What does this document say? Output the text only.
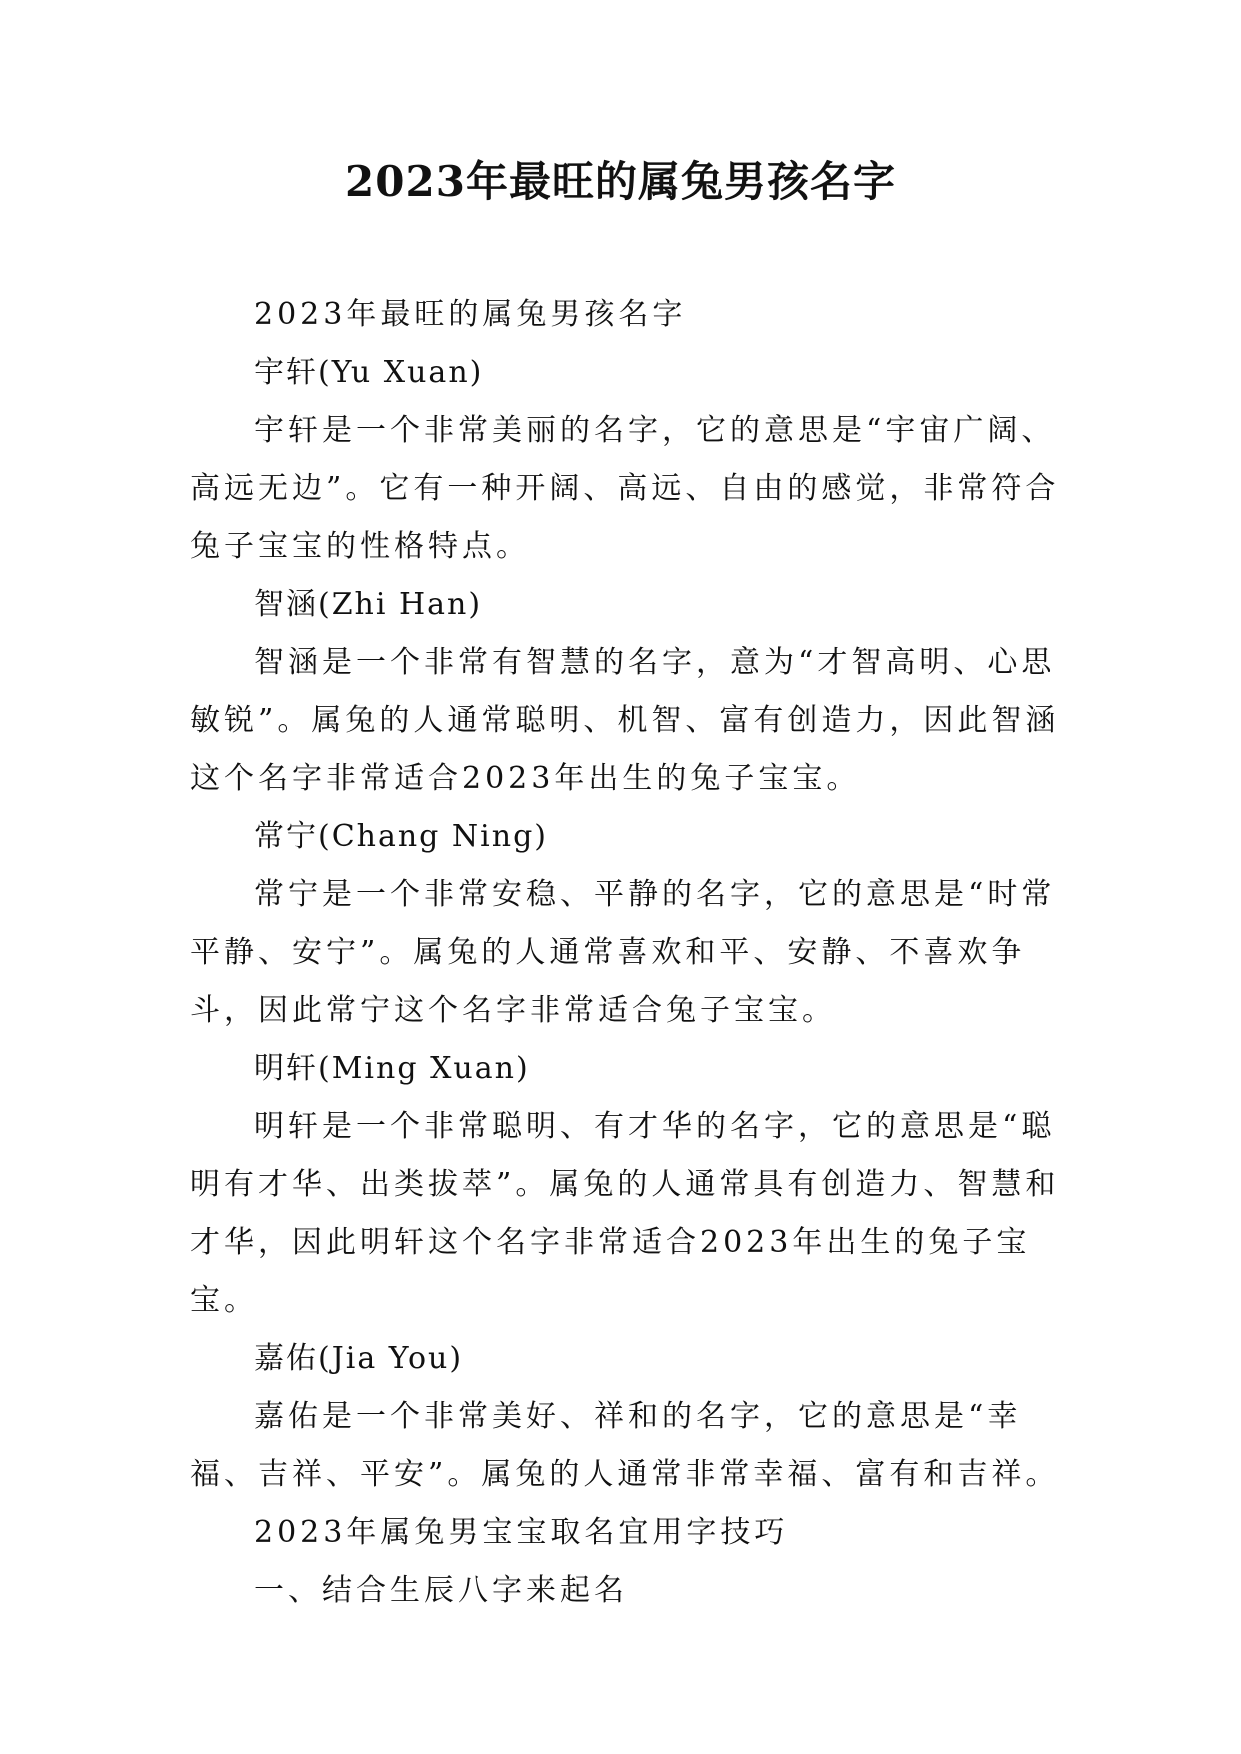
2023年最旺的属兔男孩名字

2023年最旺的属兔男孩名字

宇轩(Yu Xuan)

宇轩是一个非常美丽的名字，它的意思是“宇宙广阔、高远无边”。它有一种开阔、高远、自由的感觉，非常符合兔子宝宝的性格特点。

智涵(Zhi Han)

智涵是一个非常有智慧的名字，意为“才智高明、心思敏锐”。属兔的人通常聪明、机智、富有创造力，因此智涵这个名字非常适合2023年出生的兔子宝宝。

常宁(Chang Ning)

常宁是一个非常安稳、平静的名字，它的意思是“时常平静、安宁”。属兔的人通常喜欢和平、安静、不喜欢争斗，因此常宁这个名字非常适合兔子宝宝。

明轩(Ming Xuan)

明轩是一个非常聪明、有才华的名字，它的意思是“聪明有才华、出类拔萃”。属兔的人通常具有创造力、智慧和才华，因此明轩这个名字非常适合2023年出生的兔子宝宝。

嘉佑(Jia You)

嘉佑是一个非常美好、祥和的名字，它的意思是“幸福、吉祥、平安”。属兔的人通常非常幸福、富有和吉祥。

2023年属兔男宝宝取名宜用字技巧

一、结合生辰八字来起名
